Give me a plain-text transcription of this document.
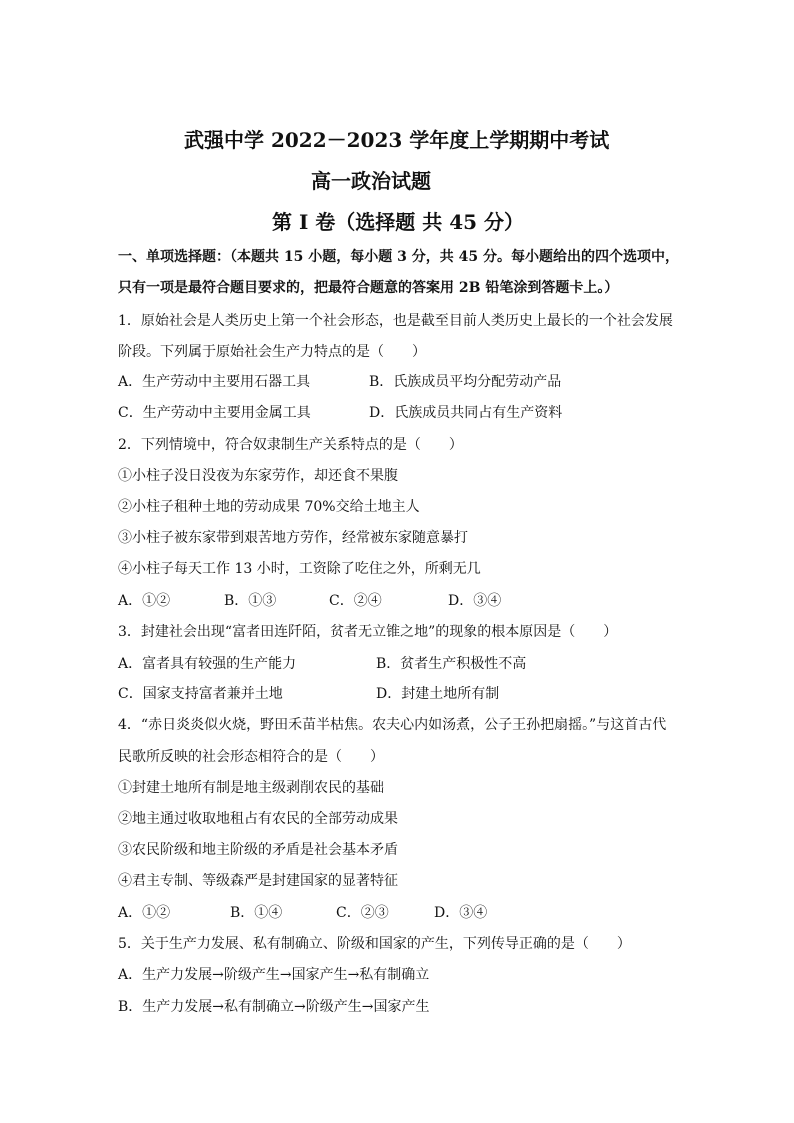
武强中学 2022－2023 学年度上学期期中考试
高一政治试题
第 I 卷（选择题 共 45 分）
一、单项选择题：（本题共 15 小题，每小题 3 分，共 45 分。每小题给出的四个选项中，
只有一项是最符合题目要求的，把最符合题意的答案用 2B 铅笔涂到答题卡上。）
1．原始社会是人类历史上第一个社会形态，也是截至目前人类历史上最长的一个社会发展
阶段。下列属于原始社会生产力特点的是（　　）
A．生产劳动中主要用石器工具	B．氏族成员平均分配劳动产品
C．生产劳动中主要用金属工具	D．氏族成员共同占有生产资料
2．下列情境中，符合奴隶制生产关系特点的是（　　）
①小柱子没日没夜为东家劳作，却还食不果腹
②小柱子租种土地的劳动成果 70%交给土地主人
③小柱子被东家带到艰苦地方劳作，经常被东家随意暴打
④小柱子每天工作 13 小时，工资除了吃住之外，所剩无几
A．①②	B．①③	C．②④	D．③④
3．封建社会出现“富者田连阡陌，贫者无立锥之地”的现象的根本原因是（　　）
A．富者具有较强的生产能力	B．贫者生产积极性不高
C．国家支持富者兼并土地	D．封建土地所有制
4．“赤日炎炎似火烧，野田禾苗半枯焦。农夫心内如汤煮，公子王孙把扇摇。”与这首古代
民歌所反映的社会形态相符合的是（　　）
①封建土地所有制是地主级剥削农民的基础
②地主通过收取地租占有农民的全部劳动成果
③农民阶级和地主阶级的矛盾是社会基本矛盾
④君主专制、等级森严是封建国家的显著特征
A．①②	B．①④	C．②③	D．③④
5．关于生产力发展、私有制确立、阶级和国家的产生，下列传导正确的是（　　）
A．生产力发展→阶级产生→国家产生→私有制确立
B．生产力发展→私有制确立→阶级产生→国家产生
